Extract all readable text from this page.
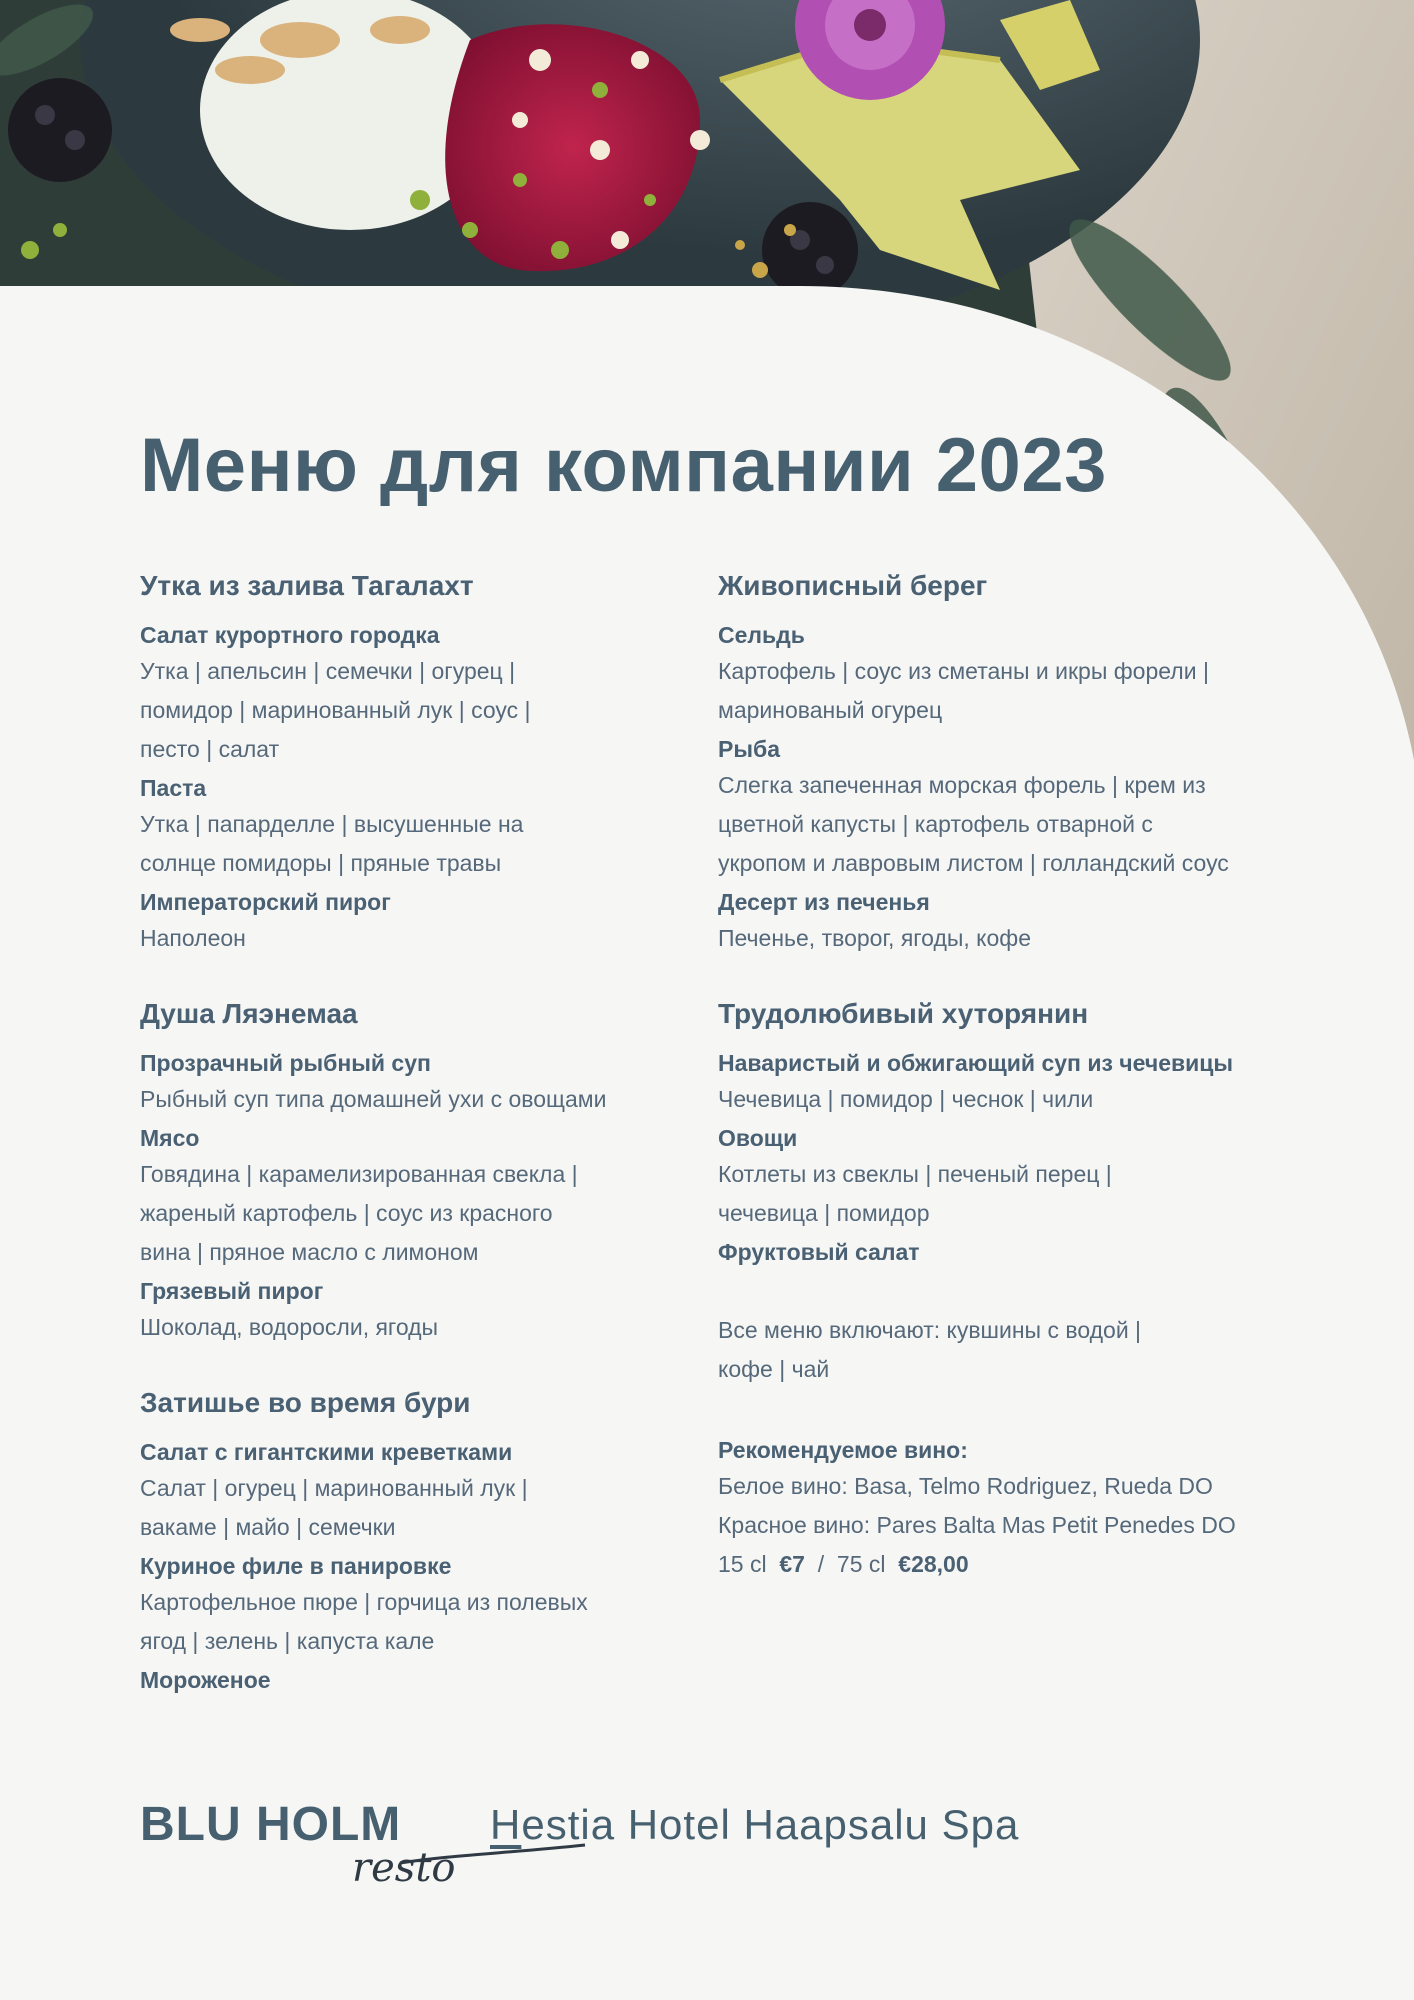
Меню для компании 2023
Утка из залива Тагалахт
Салат курортного городка
Утка | апельсин | семечки | огурец |
помидор | маринованный лук | соус |
песто | салат
Паста
Утка | папарделле | высушенные на
солнце помидоры | пряные травы
Императорский пирог
Наполеон
Душа Ляэнемаа
Прозрачный рыбный суп
Рыбный суп типа домашней ухи с овощами
Мясо
Говядина | карамелизированная свекла |
жареный картофель | соус из красного
вина | пряное масло с лимоном
Грязевый пирог
Шоколад, водоросли, ягоды
Затишье во время бури
Салат с гигантскими креветками
Салат | огурец | маринованный лук |
вакаме | майо | семечки
Куриное филе в панировке
Картофельное пюре | горчица из полевых
ягод | зелень | капуста кале
Мороженое
Живописный берег
Сельдь
Картофель | соус из сметаны и икры форели |
маринованый огурец
Рыба
Слегка запеченная морская форель | крем из
цветной капусты | картофель отварной с
укропом и лавровым листом | голландский соус
Десерт из печенья
Печенье, творог, ягоды, кофе
Трудолюбивый хуторянин
Наваристый и обжигающий суп из чечевицы
Чечевица | помидор | чеснок | чили
Овощи
Котлеты из свеклы | печеный перец |
чечевица | помидор
Фруктовый салат
Все меню включают: кувшины с водой |
кофе | чай
Рекомендуемое вино:
Белое вино: Basa, Telmo Rodriguez, Rueda DO
Красное вино: Pares Balta Mas Petit Penedes DO
15 cl €7 / 75 cl €28,00
BLU HOLM
resto
Hestia Hotel Haapsalu Spa
